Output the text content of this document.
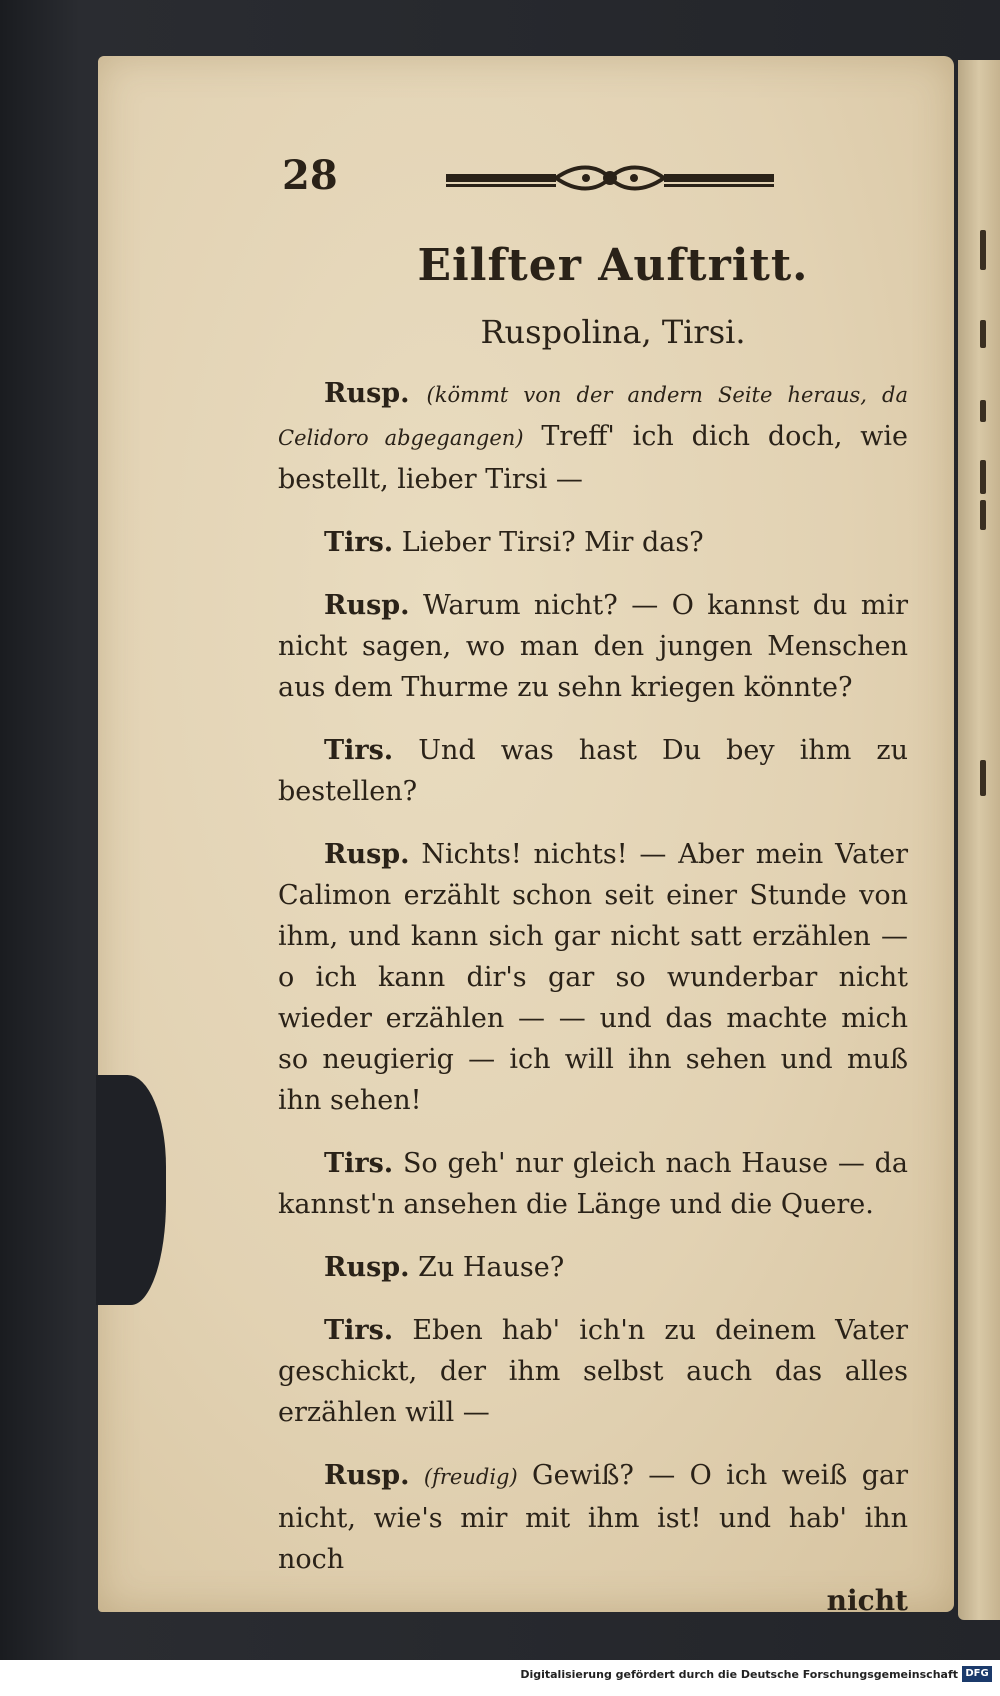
28
Eilfter Auftritt.
Ruspolina, Tirsi.

Rusp. (kömmt von der andern Seite heraus, da Celidoro abgegangen) Treff' ich dich doch, wie bestellt, lieber Tirsi —

Tirs. Lieber Tirsi? Mir das?

Rusp. Warum nicht? — O kannst du mir nicht sagen, wo man den jungen Menschen aus dem Thurme zu sehn kriegen könnte?

Tirs. Und was hast Du bey ihm zu bestellen?

Rusp. Nichts! nichts! — Aber mein Vater Calimon erzählt schon seit einer Stunde von ihm, und kann sich gar nicht satt erzählen — o ich kann dir's gar so wunderbar nicht wieder erzählen — — und das machte mich so neugierig — ich will ihn sehen und muß ihn sehen!

Tirs. So geh' nur gleich nach Hause — da kannst'n ansehen die Länge und die Quere.

Rusp. Zu Hause?

Tirs. Eben hab' ich'n zu deinem Vater geschickt, der ihm selbst auch das alles erzählen will —

Rusp. (freudig) Gewiß? — O ich weiß gar nicht, wie's mir mit ihm ist! und hab' ihn noch

nicht
Digitalisierung gefördert durch die Deutsche Forschungsgemeinschaft DFG
